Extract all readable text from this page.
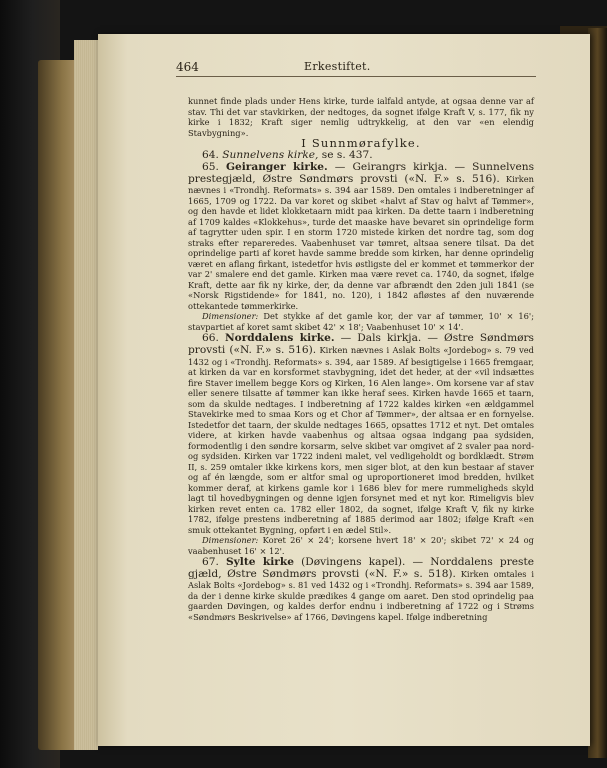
464	Erkestiftet.

kunnet finde plads under Hens kirke, turde ialfald antyde, at ogsaa denne var af stav. Thi det var stavkirken, der nedtoges, da sognet ifølge Kraft V, s. 177, fik ny kirke i 1832; Kraft siger nemlig udtrykkelig, at den var «en elendig Stavbygning».

I Sunnmørafylke.

64. Sunnelvens kirke, se s. 437.

65. Geiranger kirke. — Geirangrs kirkja. — Sunnelvens prestegjæld, Østre Søndmørs provsti («N. F.» s. 516). Kirken nævnes i «Trondhj. Reformats» s. 394 aar 1589. Den omtales i indberetninger af 1665, 1709 og 1722. Da var koret og skibet «halvt af Stav og halvt af Tømmer», og den havde et lidet klokketaarn midt paa kirken. Da dette taarn i indberetning af 1709 kaldes «Klokkehus», turde det maaske have bevaret sin oprindelige form af tagrytter uden spir. I en storm 1720 mistede kirken det nordre tag, som dog straks efter repareredes. Vaabenhuset var tømret, altsaa senere tilsat. Da det oprindelige parti af koret havde samme bredde som kirken, har denne oprindelig været en aflang firkant, istedetfor hvis østligste del er kommet et tømmerkor der var 2' smalere end det gamle. Kirken maa være revet ca. 1740, da sognet, ifølge Kraft, dette aar fik ny kirke, der, da denne var afbrændt den 2den juli 1841 (se «Norsk Rigstidende» for 1841, no. 120), i 1842 afløstes af den nuværende ottekantede tømmerkirke.

Dimensioner: Det stykke af det gamle kor, der var af tømmer, 10' × 16'; stavpartiet af koret samt skibet 42' × 18'; Vaabenhuset 10' × 14'.

66. Norddalens kirke. — Dals kirkja. — Østre Søndmørs provsti («N. F.» s. 516). Kirken nævnes i Aslak Bolts «Jordebog» s. 79 ved 1432 og i «Trondhj. Reformats» s. 394, aar 1589. Af besigtigelse i 1665 fremgaar, at kirken da var en korsformet stavbygning, idet det heder, at der «vil indsættes fire Staver imellem begge Kors og Kirken, 16 Alen lange». Om korsene var af stav eller senere tilsatte af tømmer kan ikke heraf sees. Kirken havde 1665 et taarn, som da skulde nedtages. I indberetning af 1722 kaldes kirken «en ældgammel Stavekirke med to smaa Kors og et Chor af Tømmer», der altsaa er en fornyelse. Istedetfor det taarn, der skulde nedtages 1665, opsattes 1712 et nyt. Det omtales videre, at kirken havde vaabenhus og altsaa ogsaa indgang paa sydsiden, formodentlig i den søndre korsarm, selve skibet var omgivet af 2 svaler paa nord- og sydsiden. Kirken var 1722 indeni malet, vel vedligeholdt og bordklædt. Strøm II, s. 259 omtaler ikke kirkens kors, men siger blot, at den kun bestaar af staver og af én længde, som er altfor smal og uproportioneret imod bredden, hvilket kommer deraf, at kirkens gamle kor i 1686 blev for mere rummeligheds skyld lagt til hovedbygningen og denne igjen forsynet med et nyt kor. Rimeligvis blev kirken revet enten ca. 1782 eller 1802, da sognet, ifølge Kraft V, fik ny kirke 1782, ifølge prestens indberetning af 1885 derimod aar 1802; ifølge Kraft «en smuk ottekantet Bygning, opført i en ædel Stil».

Dimensioner: Koret 26' × 24'; korsene hvert 18' × 20'; skibet 72' × 24 og vaabenhuset 16' × 12'.

67. Sylte kirke (Døvingens kapel). — Norddalens preste gjæld, Østre Søndmørs provsti («N. F.» s. 518). Kirken omtales i Aslak Bolts «Jordebog» s. 81 ved 1432 og i «Trondhj. Reformats» s. 394 aar 1589, da der i denne kirke skulde prædikes 4 gange om aaret. Den stod oprindelig paa gaarden Døvingen, og kaldes derfor endnu i indberetning af 1722 og i Strøms «Søndmørs Beskrivelse» af 1766, Døvingens kapel. Ifølge indberetning
